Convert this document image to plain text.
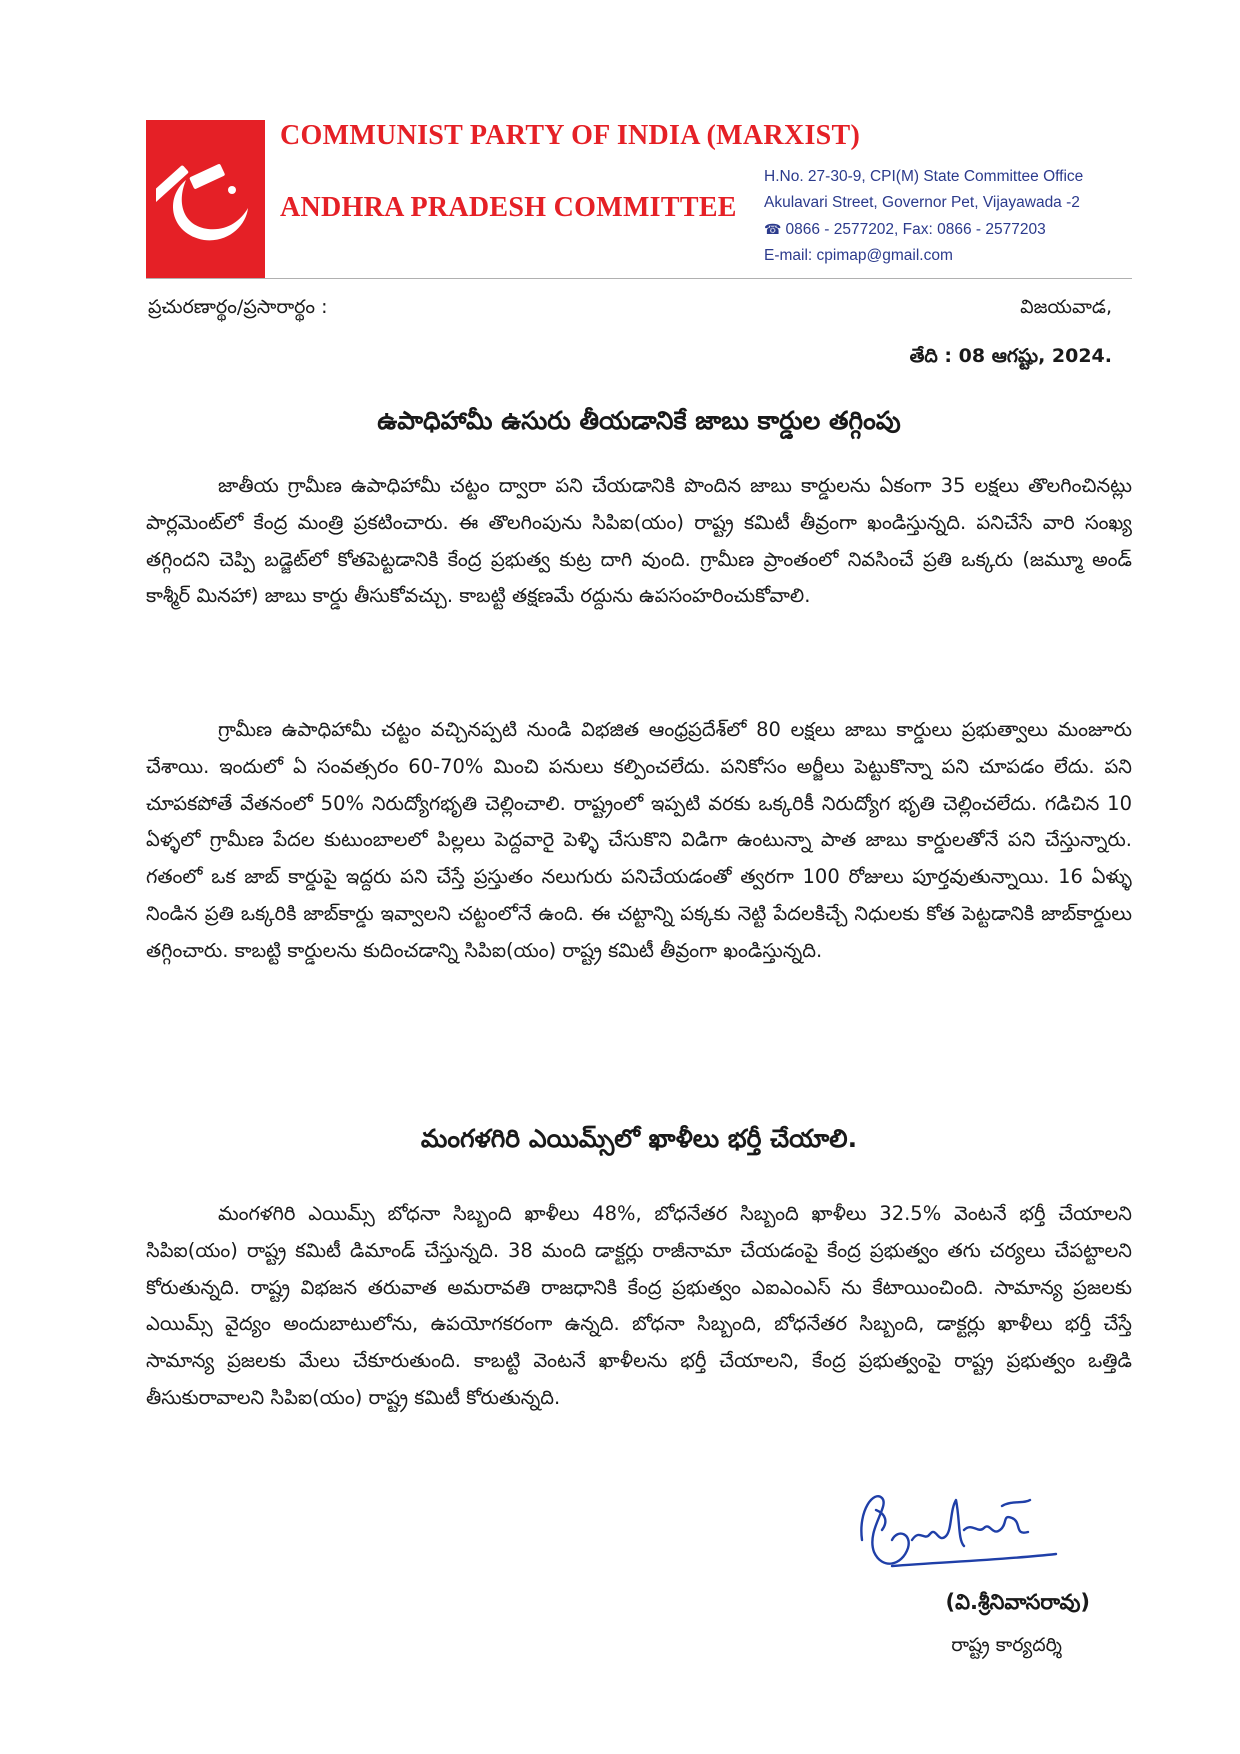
COMMUNIST PARTY OF INDIA (MARXIST)
ANDHRA PRADESH COMMITTEE
H.No. 27-30-9, CPI(M) State Committee Office
Akulavari Street, Governor Pet, Vijayawada -2
☎ 0866 - 2577202, Fax: 0866 - 2577203
E-mail: cpimap@gmail.com
ప్రచురణార్థం/ప్రసారార్థం :	విజయవాడ,
తేది : 08 ఆగష్టు, 2024.
ఉపాధిహామీ ఉసురు తీయడానికే జాబు కార్డుల తగ్గింపు

జాతీయ గ్రామీణ ఉపాధిహామీ చట్టం ద్వారా పని చేయడానికి పొందిన జాబు కార్డులను ఏకంగా 35 లక్షలు తొలగించినట్లు పార్లమెంట్‌లో కేంద్ర మంత్రి ప్రకటించారు. ఈ తొలగింపును సిపిఐ(యం) రాష్ట్ర కమిటీ తీవ్రంగా ఖండిస్తున్నది. పనిచేసే వారి సంఖ్య తగ్గిందని చెప్పి బడ్జెట్‌లో కోతపెట్టడానికి కేంద్ర ప్రభుత్వ కుట్ర దాగి వుంది. గ్రామీణ ప్రాంతంలో నివసించే ప్రతి ఒక్కరు (జమ్మూ అండ్ కాశ్మీర్ మినహా) జాబు కార్డు తీసుకోవచ్చు. కాబట్టి తక్షణమే రద్దును ఉపసంహరించుకోవాలి.

గ్రామీణ ఉపాధిహామీ చట్టం వచ్చినప్పటి నుండి విభజిత ఆంధ్రప్రదేశ్‌లో 80 లక్షలు జాబు కార్డులు ప్రభుత్వాలు మంజూరు చేశాయి. ఇందులో ఏ సంవత్సరం 60-70% మించి పనులు కల్పించలేదు. పనికోసం అర్జీలు పెట్టుకొన్నా పని చూపడం లేదు. పని చూపకపోతే వేతనంలో 50% నిరుద్యోగభృతి చెల్లించాలి. రాష్ట్రంలో ఇప్పటి వరకు ఒక్కరికీ నిరుద్యోగ భృతి చెల్లించలేదు. గడిచిన 10 ఏళ్ళలో గ్రామీణ పేదల కుటుంబాలలో పిల్లలు పెద్దవారై పెళ్ళి చేసుకొని విడిగా ఉంటున్నా పాత జాబు కార్డులతోనే పని చేస్తున్నారు. గతంలో ఒక జాబ్ కార్డుపై ఇద్దరు పని చేస్తే ప్రస్తుతం నలుగురు పనిచేయడంతో త్వరగా 100 రోజులు పూర్తవుతున్నాయి. 16 ఏళ్ళు నిండిన ప్రతి ఒక్కరికి జాబ్‌కార్డు ఇవ్వాలని చట్టంలోనే ఉంది. ఈ చట్టాన్ని పక్కకు నెట్టి పేదలకిచ్చే నిధులకు కోత పెట్టడానికి జాబ్‌కార్డులు తగ్గించారు. కాబట్టి కార్డులను కుదించడాన్ని సిపిఐ(యం) రాష్ట్ర కమిటీ తీవ్రంగా ఖండిస్తున్నది.

మంగళగిరి ఎయిమ్స్‌లో ఖాళీలు భర్తీ చేయాలి.

మంగళగిరి ఎయిమ్స్ బోధనా సిబ్బంది ఖాళీలు 48%, బోధనేతర సిబ్బంది ఖాళీలు 32.5% వెంటనే భర్తీ చేయాలని సిపిఐ(యం) రాష్ట్ర కమిటీ డిమాండ్ చేస్తున్నది. 38 మంది డాక్టర్లు రాజీనామా చేయడంపై కేంద్ర ప్రభుత్వం తగు చర్యలు చేపట్టాలని కోరుతున్నది. రాష్ట్ర విభజన తరువాత అమరావతి రాజధానికి కేంద్ర ప్రభుత్వం ఎఐఎంఎస్ ను కేటాయించింది. సామాన్య ప్రజలకు ఎయిమ్స్ వైద్యం అందుబాటులోను, ఉపయోగకరంగా ఉన్నది. బోధనా సిబ్బంది, బోధనేతర సిబ్బంది, డాక్టర్లు ఖాళీలు భర్తీ చేస్తే సామాన్య ప్రజలకు మేలు చేకూరుతుంది. కాబట్టి వెంటనే ఖాళీలను భర్తీ చేయాలని, కేంద్ర ప్రభుత్వంపై రాష్ట్ర ప్రభుత్వం ఒత్తిడి తీసుకురావాలని సిపిఐ(యం) రాష్ట్ర కమిటీ కోరుతున్నది.

(వి.శ్రీనివాసరావు)
రాష్ట్ర కార్యదర్శి
